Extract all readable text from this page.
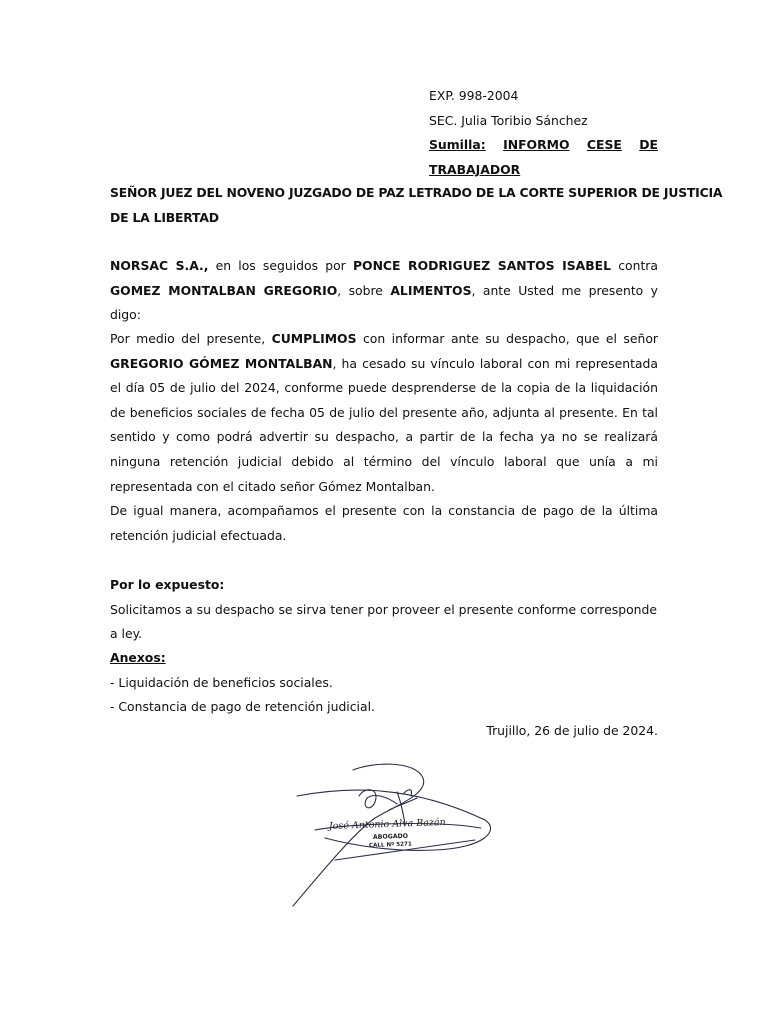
EXP. 998-2004
SEC. Julia Toribio Sánchez
Sumilla: INFORMO CESE DE
TRABAJADOR
SEÑOR JUEZ DEL NOVENO JUZGADO DE PAZ LETRADO DE LA CORTE SUPERIOR DE JUSTICIA
DE LA LIBERTAD
NORSAC S.A., en los seguidos por PONCE RODRIGUEZ SANTOS ISABEL contra GOMEZ MONTALBAN GREGORIO, sobre ALIMENTOS, ante Usted me presento y digo:
Por medio del presente, CUMPLIMOS con informar ante su despacho, que el señor GREGORIO GÓMEZ MONTALBAN, ha cesado su vínculo laboral con mi representada el día 05 de julio del 2024, conforme puede desprenderse de la copia de la liquidación de beneficios sociales de fecha 05 de julio del presente año, adjunta al presente. En tal sentido y como podrá advertir su despacho, a partir de la fecha ya no se realizará ninguna retención judicial debido al término del vínculo laboral que unía a mi representada con el citado señor Gómez Montalban.
De igual manera, acompañamos el presente con la constancia de pago de la última retención judicial efectuada.
Por lo expuesto:
Solicitamos a su despacho se sirva tener por proveer el presente conforme corresponde a ley.
Anexos:
- Liquidación de beneficios sociales.
- Constancia de pago de retención judicial.
Trujillo, 26 de julio de 2024.
José Antonio Alva Bazán
ABOGADO
CALL Nº 5271
